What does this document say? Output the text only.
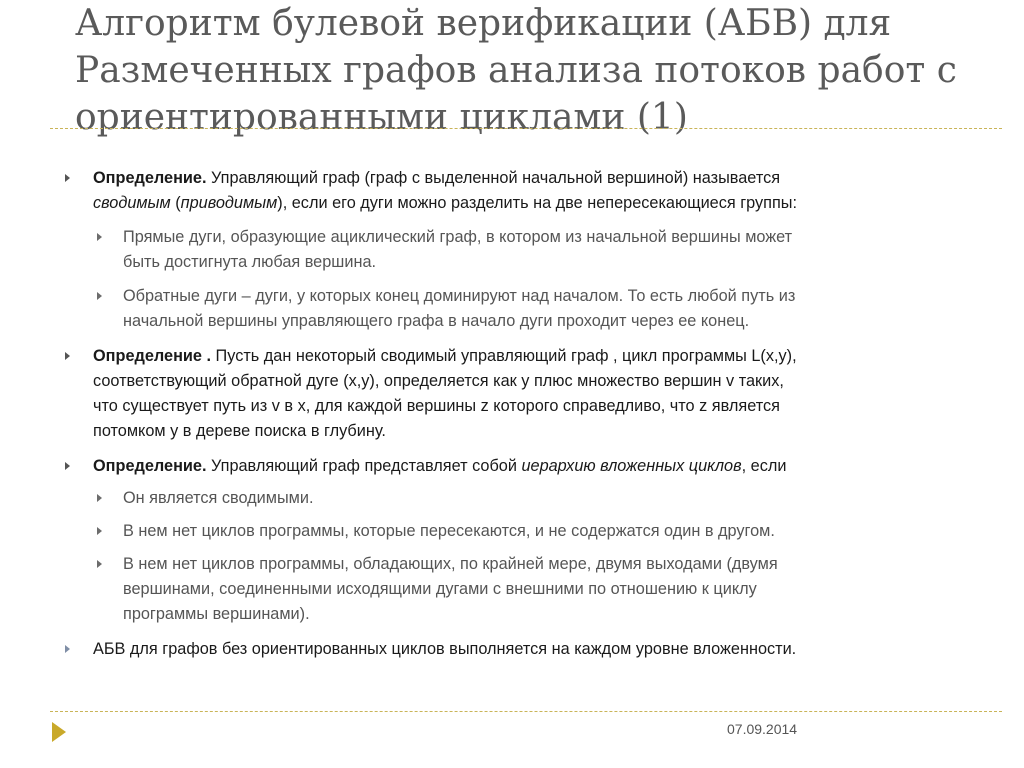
Алгоритм булевой верификации (АБВ) для
Размеченных графов анализа потоков работ с
ориентированными циклами (1)
Определение. Управляющий граф (граф с выделенной начальной вершиной) называется
сводимым (приводимым), если его дуги можно разделить на две непересекающиеся группы:
Прямые дуги, образующие ациклический граф, в котором из начальной вершины может
быть достигнута любая вершина.
Обратные дуги – дуги, у которых конец доминируют над началом. То есть любой путь из
начальной вершины управляющего графа в начало дуги проходит через ее конец.
Определение . Пусть дан некоторый сводимый управляющий граф , цикл программы L(x,y),
соответствующий обратной дуге (x,y), определяется как y плюс множество вершин v таких,
что существует путь из v в x, для каждой вершины z которого справедливо, что z является
потомком y в дереве поиска в глубину.
Определение. Управляющий граф представляет собой иерархию вложенных циклов, если
Он является сводимыми.
В нем нет циклов программы, которые пересекаются, и не содержатся один в другом.
В нем нет циклов программы, обладающих, по крайней мере, двумя выходами (двумя
вершинами, соединенными исходящими дугами с внешними по отношению к циклу
программы вершинами).
АБВ для графов без ориентированных циклов выполняется на каждом уровне вложенности.
07.09.2014
